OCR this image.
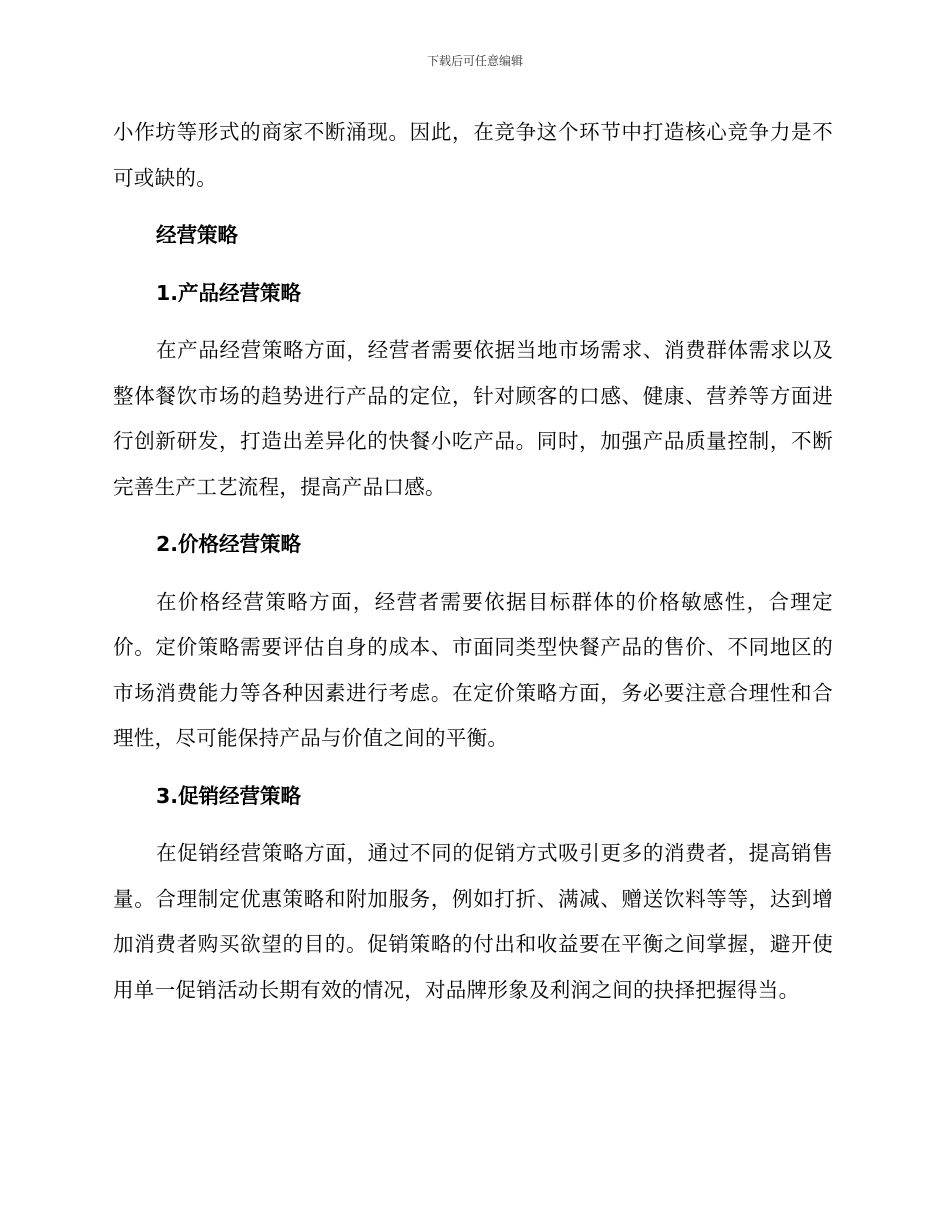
下载后可任意编辑

小作坊等形式的商家不断涌现。因此，在竞争这个环节中打造核心竞争力是不可或缺的。

经营策略
1.产品经营策略

在产品经营策略方面，经营者需要依据当地市场需求、消费群体需求以及整体餐饮市场的趋势进行产品的定位，针对顾客的口感、健康、营养等方面进行创新研发，打造出差异化的快餐小吃产品。同时，加强产品质量控制，不断完善生产工艺流程，提高产品口感。

2.价格经营策略

在价格经营策略方面，经营者需要依据目标群体的价格敏感性，合理定价。定价策略需要评估自身的成本、市面同类型快餐产品的售价、不同地区的市场消费能力等各种因素进行考虑。在定价策略方面，务必要注意合理性和合理性，尽可能保持产品与价值之间的平衡。

3.促销经营策略

在促销经营策略方面，通过不同的促销方式吸引更多的消费者，提高销售量。合理制定优惠策略和附加服务，例如打折、满减、赠送饮料等等，达到增加消费者购买欲望的目的。促销策略的付出和收益要在平衡之间掌握，避开使用单一促销活动长期有效的情况，对品牌形象及利润之间的抉择把握得当。
